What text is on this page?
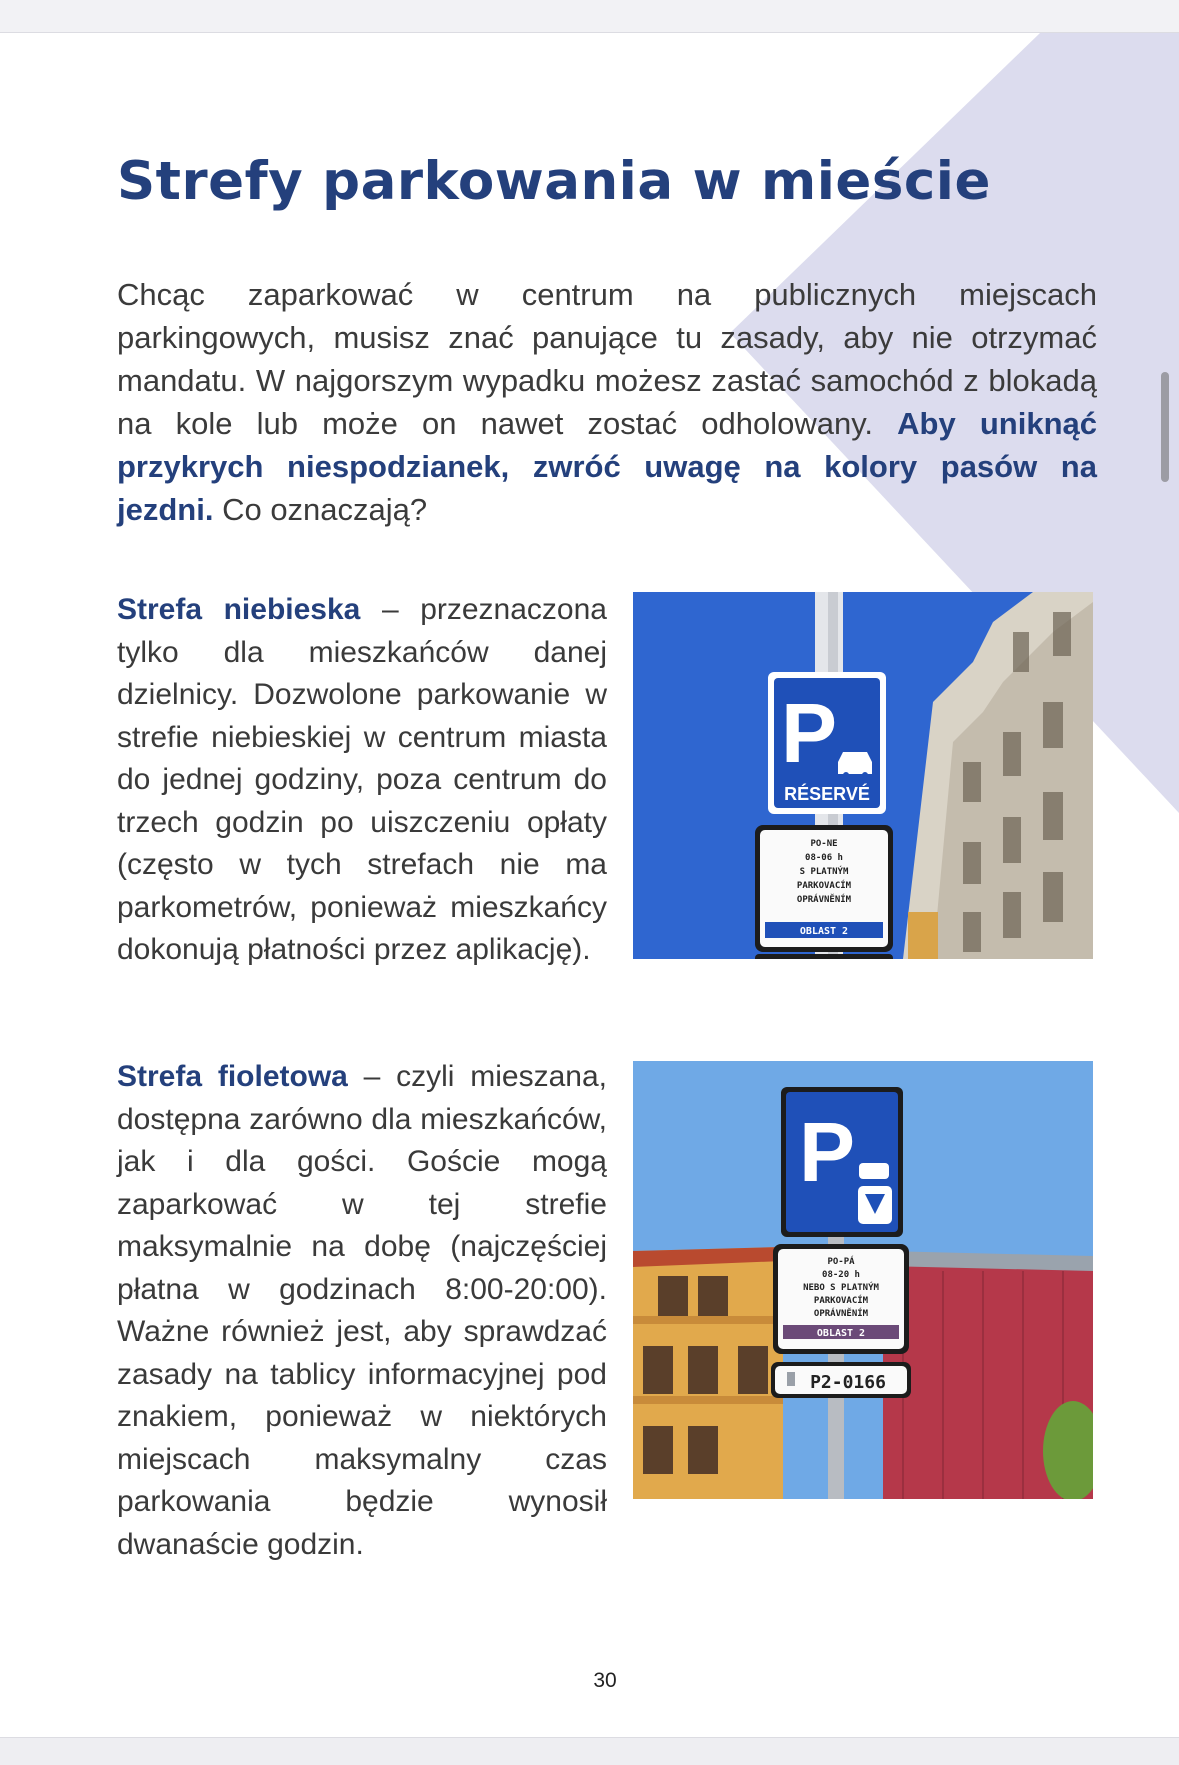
Strefy parkowania w mieście

Chcąc zaparkować w centrum na publicznych miejscach parkingowych, musisz znać panujące tu zasady, aby nie otrzymać mandatu. W najgorszym wypadku możesz zastać samochód z blokadą na kole lub może on nawet zostać odholowany. Aby uniknąć przykrych niespodzianek, zwróć uwagę na kolory pasów na jezdni. Co oznaczają?

Strefa niebieska – przeznaczona tylko dla mieszkańców danej dzielnicy. Dozwolone parkowanie w strefie niebieskiej w centrum miasta do jednej godziny, poza centrum do trzech godzin po uiszczeniu opłaty (często w tych strefach nie ma parkometrów, ponieważ mieszkańcy dokonują płatności przez aplikację).

P
RÉSERVÉ
PO-NE
08-06 h
S PLATNÝM
PARKOVACÍM
OPRÁVNĚNÍM
OBLAST 2

Strefa fioletowa – czyli mieszana, dostępna zarówno dla mieszkańców, jak i dla gości. Goście mogą zaparkować w tej strefie maksymalnie na dobę (najczęściej płatna w godzinach 8:00-20:00). Ważne również jest, aby sprawdzać zasady na tablicy informacyjnej pod znakiem, ponieważ w niektórych miejscach maksymalny czas parkowania będzie wynosił dwanaście godzin.

P
PO-PÁ
08-20 h
NEBO S PLATNÝM
PARKOVACÍM
OPRÁVNĚNÍM
OBLAST 2
P2-0166

30
